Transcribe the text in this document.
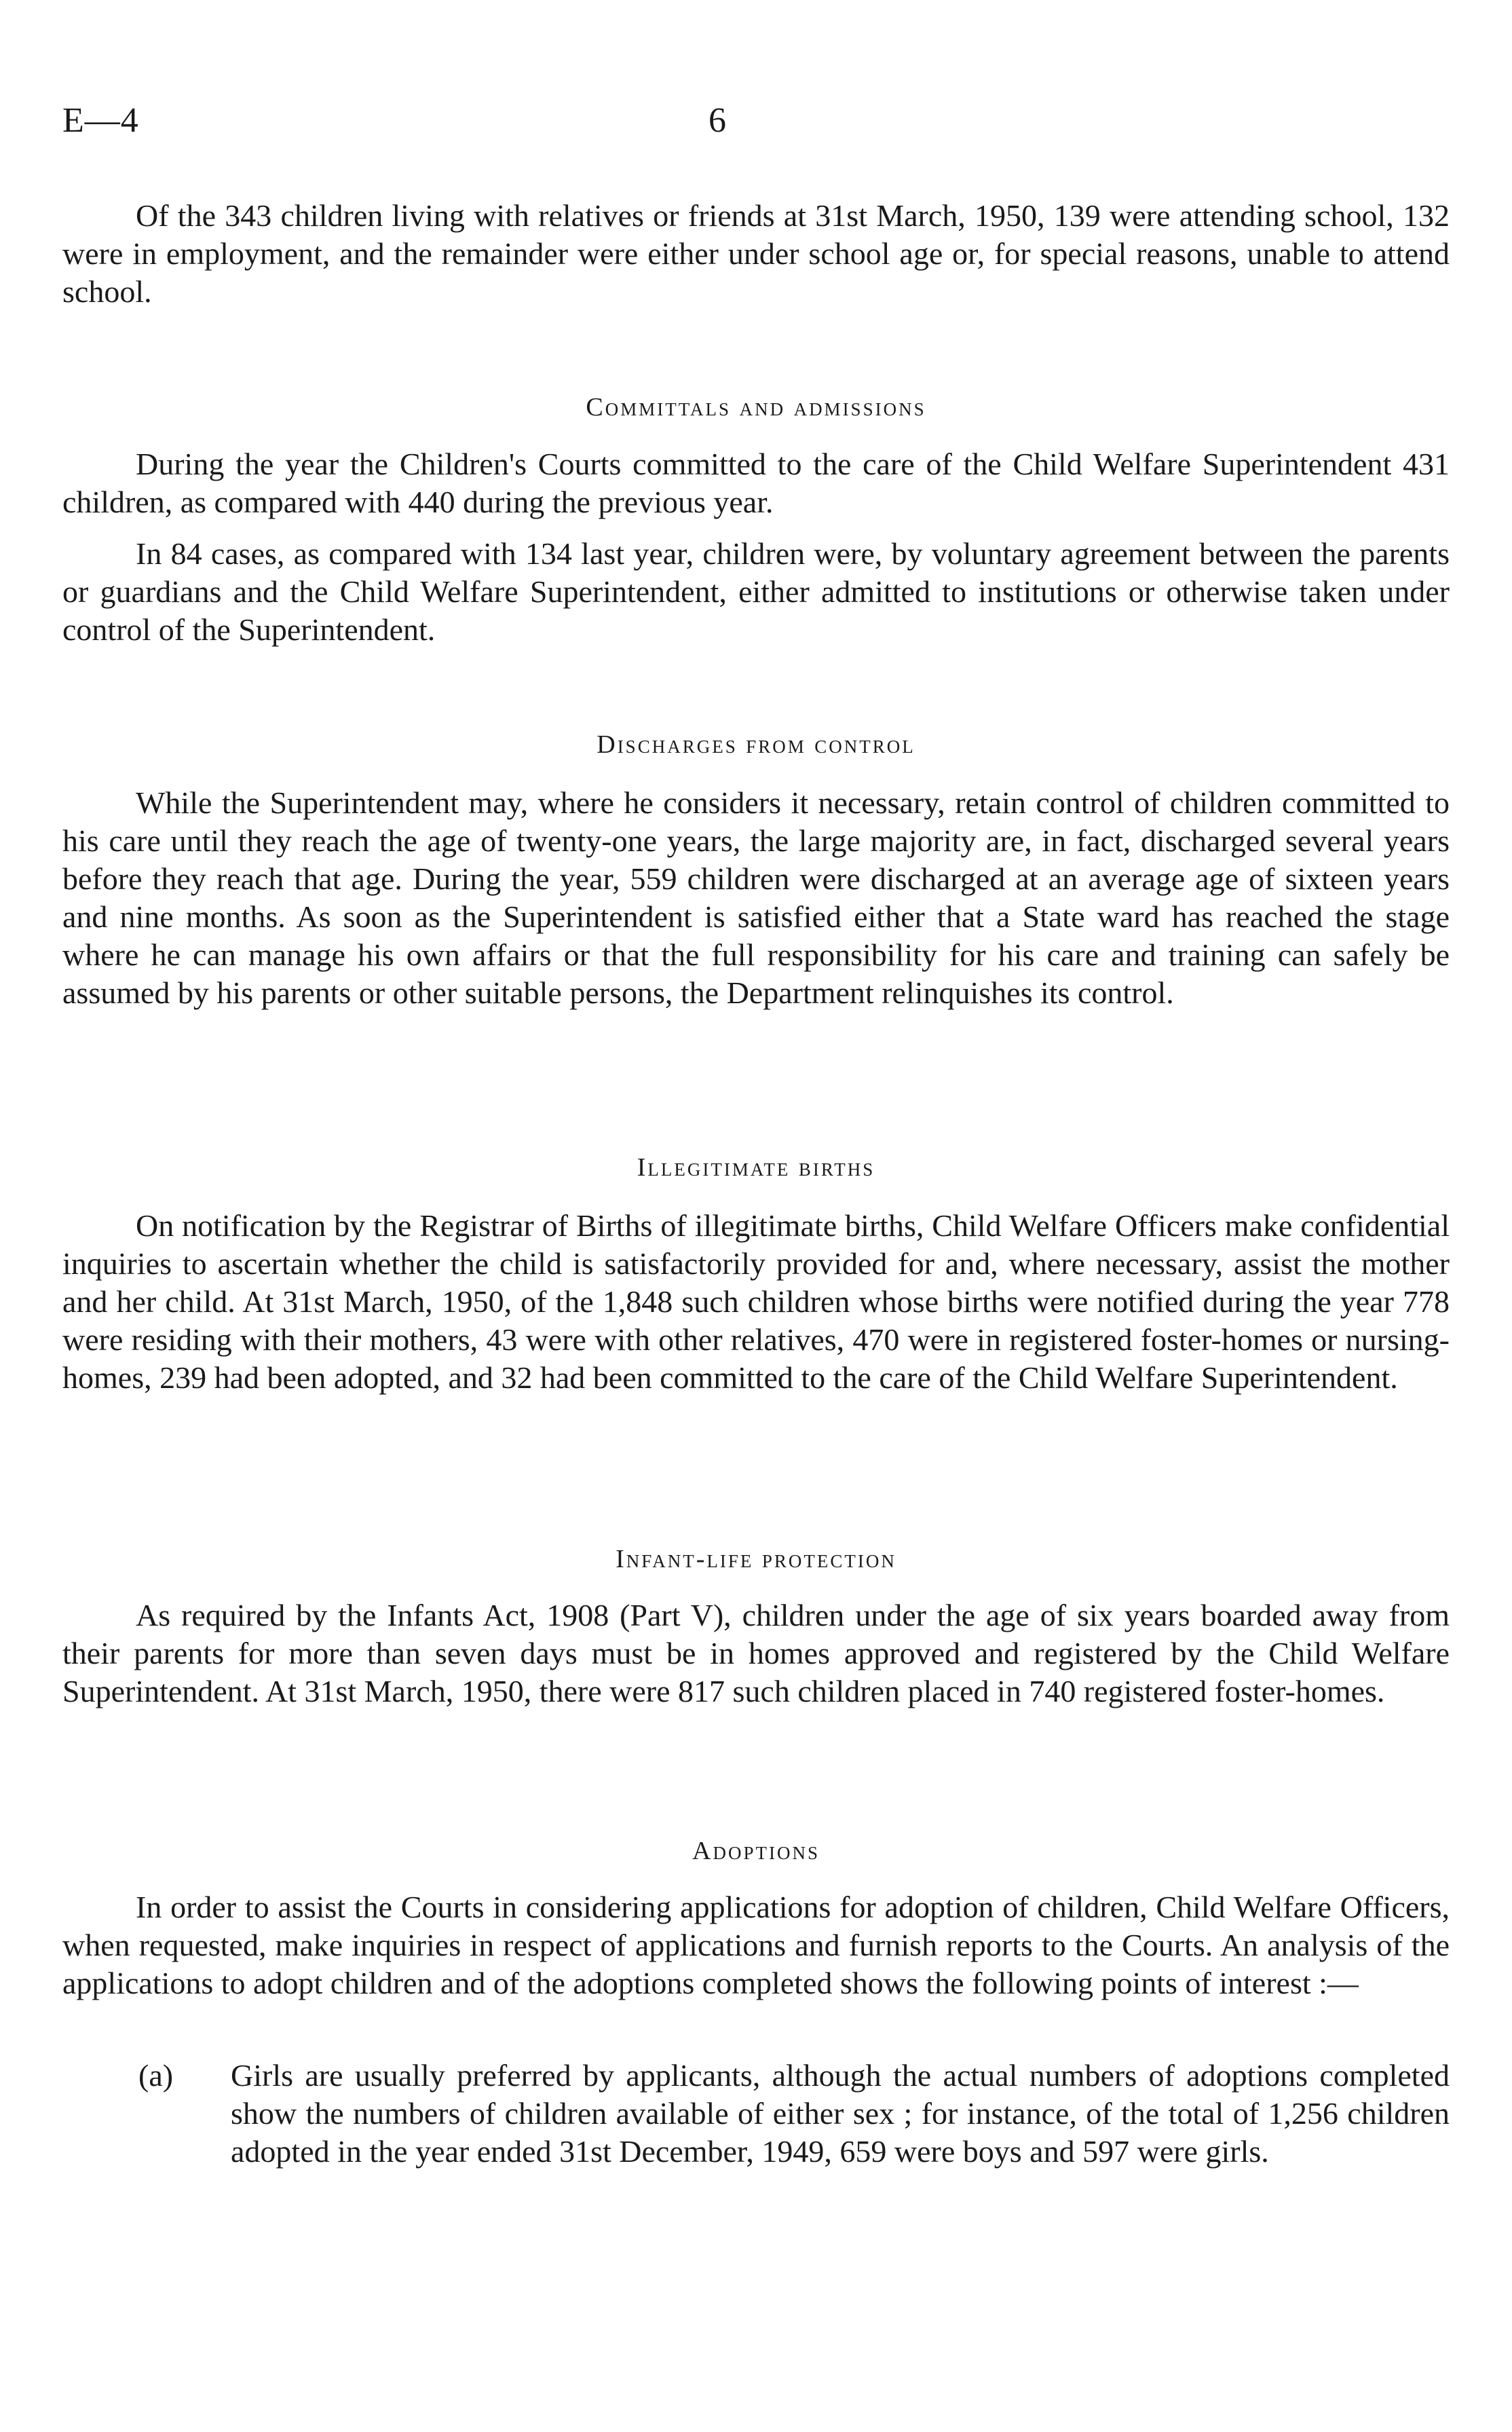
E—4	6

Of the 343 children living with relatives or friends at 31st March, 1950, 139 were attending school, 132 were in employment, and the remainder were either under school age or, for special reasons, unable to attend school.

Committals and admissions

During the year the Children's Courts committed to the care of the Child Welfare Superintendent 431 children, as compared with 440 during the previous year.

In 84 cases, as compared with 134 last year, children were, by voluntary agreement between the parents or guardians and the Child Welfare Superintendent, either admitted to institutions or otherwise taken under control of the Superintendent.

Discharges from control

While the Superintendent may, where he considers it necessary, retain control of children committed to his care until they reach the age of twenty-one years, the large majority are, in fact, discharged several years before they reach that age. During the year, 559 children were discharged at an average age of sixteen years and nine months. As soon as the Superintendent is satisfied either that a State ward has reached the stage where he can manage his own affairs or that the full responsibility for his care and training can safely be assumed by his parents or other suitable persons, the Department relinquishes its control.

Illegitimate births

On notification by the Registrar of Births of illegitimate births, Child Welfare Officers make confidential inquiries to ascertain whether the child is satisfactorily provided for and, where necessary, assist the mother and her child. At 31st March, 1950, of the 1,848 such children whose births were notified during the year 778 were residing with their mothers, 43 were with other relatives, 470 were in registered foster-homes or nursing-homes, 239 had been adopted, and 32 had been committed to the care of the Child Welfare Superintendent.

Infant-life protection

As required by the Infants Act, 1908 (Part V), children under the age of six years boarded away from their parents for more than seven days must be in homes approved and registered by the Child Welfare Superintendent. At 31st March, 1950, there were 817 such children placed in 740 registered foster-homes.

Adoptions

In order to assist the Courts in considering applications for adoption of children, Child Welfare Officers, when requested, make inquiries in respect of applications and furnish reports to the Courts. An analysis of the applications to adopt children and of the adoptions completed shows the following points of interest :—

(a) Girls are usually preferred by applicants, although the actual numbers of adoptions completed show the numbers of children available of either sex ; for instance, of the total of 1,256 children adopted in the year ended 31st December, 1949, 659 were boys and 597 were girls.
